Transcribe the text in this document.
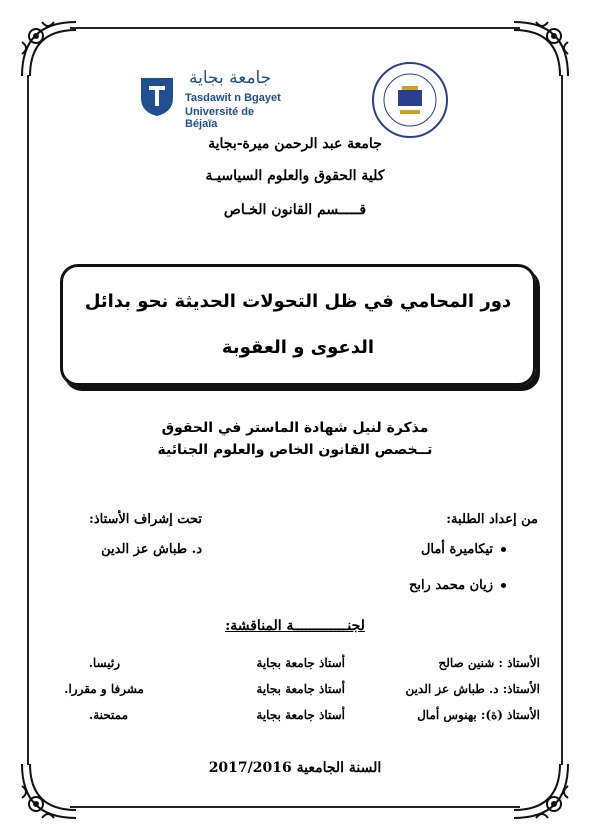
جامعة بجاية
Tasdawit n Bgayet
Université de Béjaïa
جامعة عبد الرحمن ميرة-بجاية
كلية الحقوق والعلوم السياسيـة
قـــــسم القانون الخـاص
دور المحامي في ظل التحولات الحديثة نحو بدائل
الدعوى و العقوبة
مذكرة لنيل شهادة الماستر في الحقوق
تــخصص القانون الخاص والعلوم الجنائية
من إعداد الطلبة:
تيكاميرة أمال
زيان محمد رابح
تحت إشراف الأستاذ:
د. طباش عز الدين
لجنـــــــــــــة المناقشة:
الأستاذ : شنين صالح
أستاذ جامعة بجاية
رئيسا.
الأستاذ: د. طباش عز الدين
أستاذ جامعة بجاية
مشرفا و مقررا.
الأستاذ (ة): بهنوس أمال
أستاذ جامعة بجاية
ممتحنة.
السنة الجامعية 2017/2016
